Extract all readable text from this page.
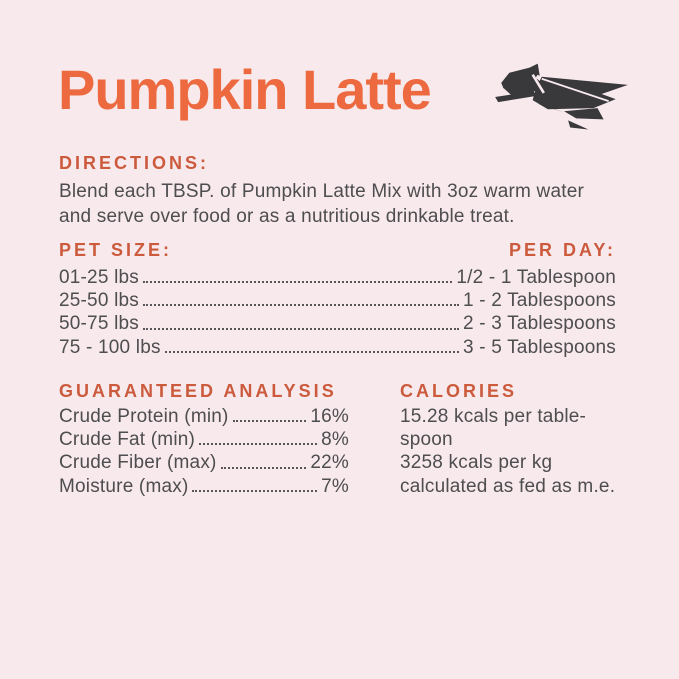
Pumpkin Latte
DIRECTIONS:
Blend each TBSP. of Pumpkin Latte Mix with 3oz warm water
and serve over food or as a nutritious drinkable treat.
PET SIZE:	PER DAY:
01-25 lbs	1/2 - 1 Tablespoon
25-50 lbs	1 - 2 Tablespoons
50-75 lbs	2 - 3 Tablespoons
75 - 100 lbs	3 - 5 Tablespoons
GUARANTEED ANALYSIS
Crude Protein (min)	16%
Crude Fat (min)	8%
Crude Fiber (max)	22%
Moisture (max)	7%
CALORIES
15.28 kcals per table-
spoon
3258 kcals per kg
calculated as fed as m.e.
